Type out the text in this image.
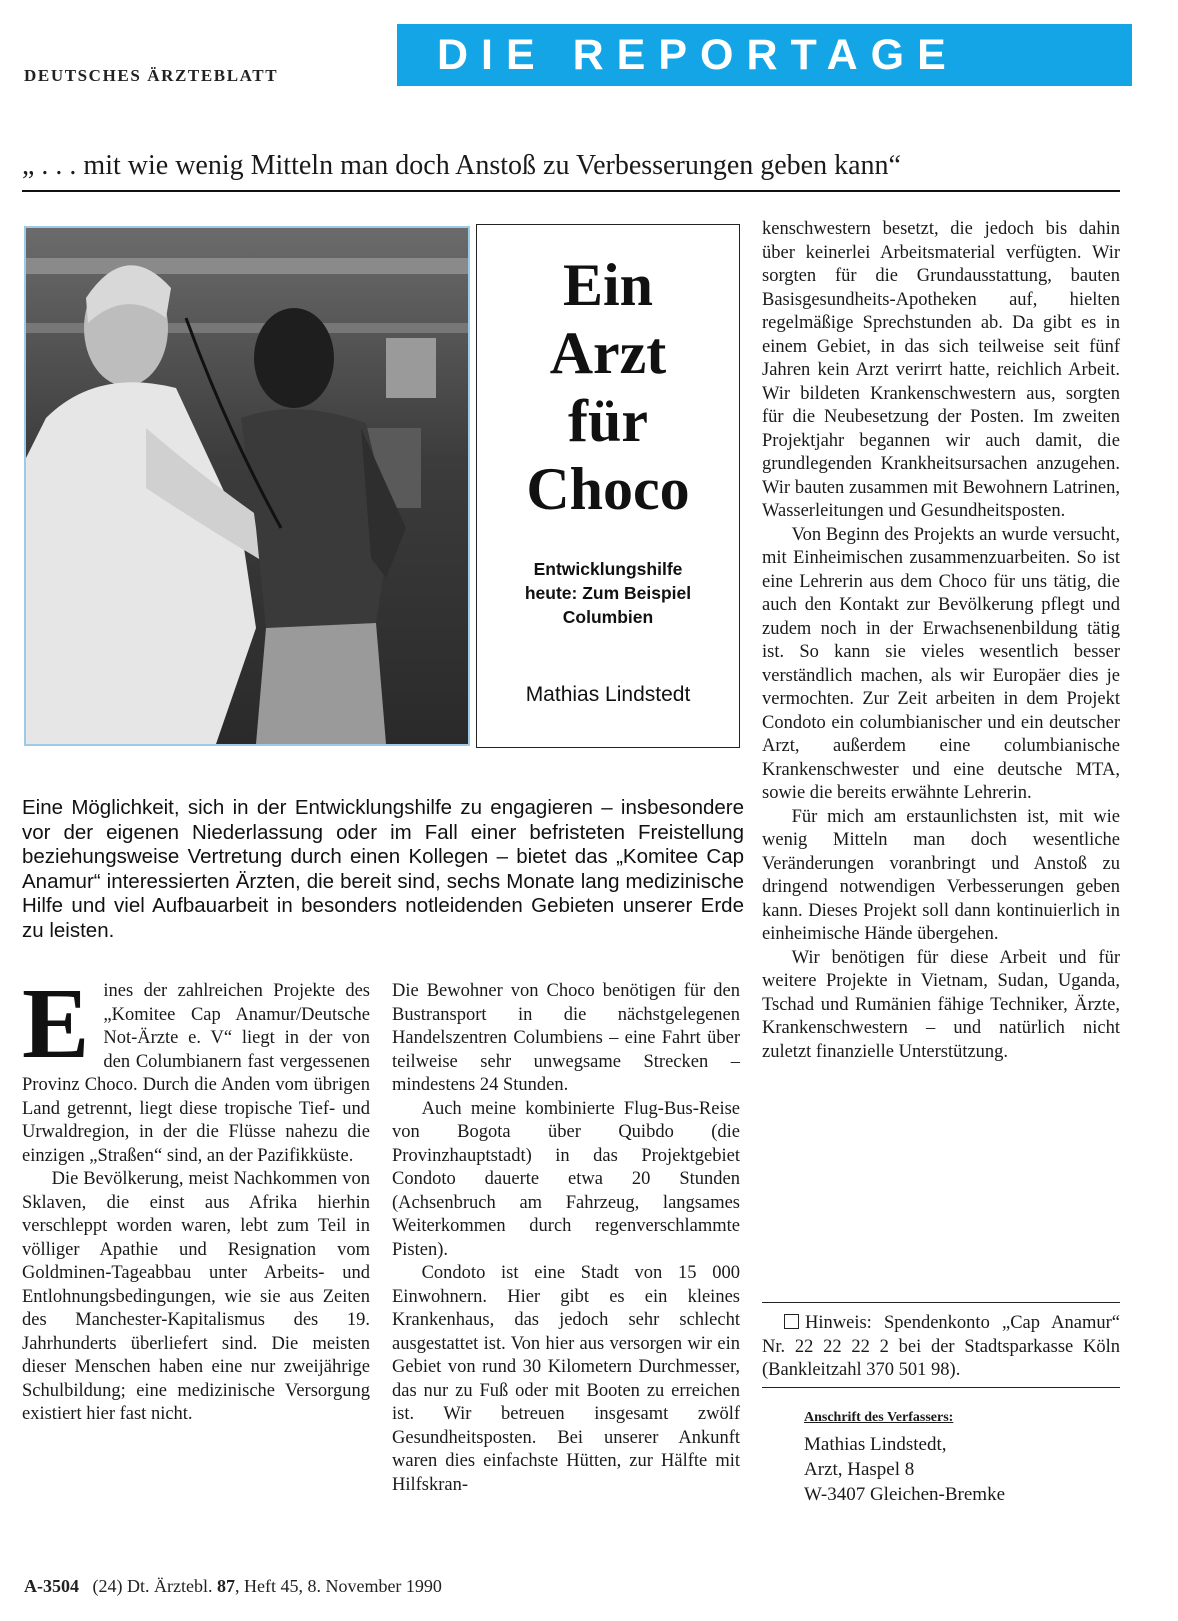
DEUTSCHES ÄRZTEBLATT	DIE REPORTAGE
„ . . . mit wie wenig Mitteln man doch Anstoß zu Verbesserungen geben kann“
Ein
Arzt
für
Choco
Entwicklungshilfe
heute: Zum Beispiel
Columbien
Mathias Lindstedt
Eine Möglichkeit, sich in der Entwicklungshilfe zu engagieren – insbesondere vor der eigenen Niederlassung oder im Fall einer befristeten Freistellung beziehungsweise Vertretung durch einen Kollegen – bietet das „Komitee Cap Anamur“ interessierten Ärzten, die bereit sind, sechs Monate lang medizinische Hilfe und viel Aufbauarbeit in besonders notleidenden Gebieten unserer Erde zu leisten.
E ines der zahlreichen Projekte des „Komitee Cap Anamur/Deutsche Not-Ärzte e. V“ liegt in der von den Columbianern fast vergessenen Provinz Choco. Durch die Anden vom übrigen Land getrennt, liegt diese tropische Tief- und Urwaldregion, in der die Flüsse nahezu die einzigen „Straßen“ sind, an der Pazifikküste.

Die Bevölkerung, meist Nachkommen von Sklaven, die einst aus Afrika hierhin verschleppt worden waren, lebt zum Teil in völliger Apathie und Resignation vom Goldminen-Tageabbau unter Arbeits- und Entlohnungsbedingungen, wie sie aus Zeiten des Manchester-Kapitalismus des 19. Jahrhunderts überliefert sind. Die meisten dieser Menschen haben eine nur zweijährige Schulbildung; eine medizinische Versorgung existiert hier fast nicht.

Die Bewohner von Choco benötigen für den Bustransport in die nächstgelegenen Handelszentren Columbiens – eine Fahrt über teilweise sehr unwegsame Strecken – mindestens 24 Stunden.

Auch meine kombinierte Flug-Bus-Reise von Bogota über Quibdo (die Provinzhauptstadt) in das Projektgebiet Condoto dauerte etwa 20 Stunden (Achsenbruch am Fahrzeug, langsames Weiterkommen durch regenverschlammte Pisten).

Condoto ist eine Stadt von 15 000 Einwohnern. Hier gibt es ein kleines Krankenhaus, das jedoch sehr schlecht ausgestattet ist. Von hier aus versorgen wir ein Gebiet von rund 30 Kilometern Durchmesser, das nur zu Fuß oder mit Booten zu erreichen ist. Wir betreuen insgesamt zwölf Gesundheitsposten. Bei unserer Ankunft waren dies einfachste Hütten, zur Hälfte mit Hilfskran-

kenschwestern besetzt, die jedoch bis dahin über keinerlei Arbeitsmaterial verfügten. Wir sorgten für die Grundausstattung, bauten Basisgesundheits-Apotheken auf, hielten regelmäßige Sprechstunden ab. Da gibt es in einem Gebiet, in das sich teilweise seit fünf Jahren kein Arzt verirrt hatte, reichlich Arbeit. Wir bildeten Krankenschwestern aus, sorgten für die Neubesetzung der Posten. Im zweiten Projektjahr begannen wir auch damit, die grundlegenden Krankheitsursachen anzugehen. Wir bauten zusammen mit Bewohnern Latrinen, Wasserleitungen und Gesundheitsposten.

Von Beginn des Projekts an wurde versucht, mit Einheimischen zusammenzuarbeiten. So ist eine Lehrerin aus dem Choco für uns tätig, die auch den Kontakt zur Bevölkerung pflegt und zudem noch in der Erwachsenenbildung tätig ist. So kann sie vieles wesentlich besser verständlich machen, als wir Europäer dies je vermochten. Zur Zeit arbeiten in dem Projekt Condoto ein columbianischer und ein deutscher Arzt, außerdem eine columbianische Krankenschwester und eine deutsche MTA, sowie die bereits erwähnte Lehrerin.

Für mich am erstaunlichsten ist, mit wie wenig Mitteln man doch wesentliche Veränderungen voranbringt und Anstoß zu dringend notwendigen Verbesserungen geben kann. Dieses Projekt soll dann kontinuierlich in einheimische Hände übergehen.

Wir benötigen für diese Arbeit und für weitere Projekte in Vietnam, Sudan, Uganda, Tschad und Rumänien fähige Techniker, Ärzte, Krankenschwestern – und natürlich nicht zuletzt finanzielle Unterstützung.

Hinweis: Spendenkonto „Cap Anamur“ Nr. 22 22 22 2 bei der Stadtsparkasse Köln (Bankleitzahl 370 501 98).
Anschrift des Verfassers:
Mathias Lindstedt,
Arzt, Haspel 8
W-3407 Gleichen-Bremke
A-3504 (24) Dt. Ärztebl. 87, Heft 45, 8. November 1990
